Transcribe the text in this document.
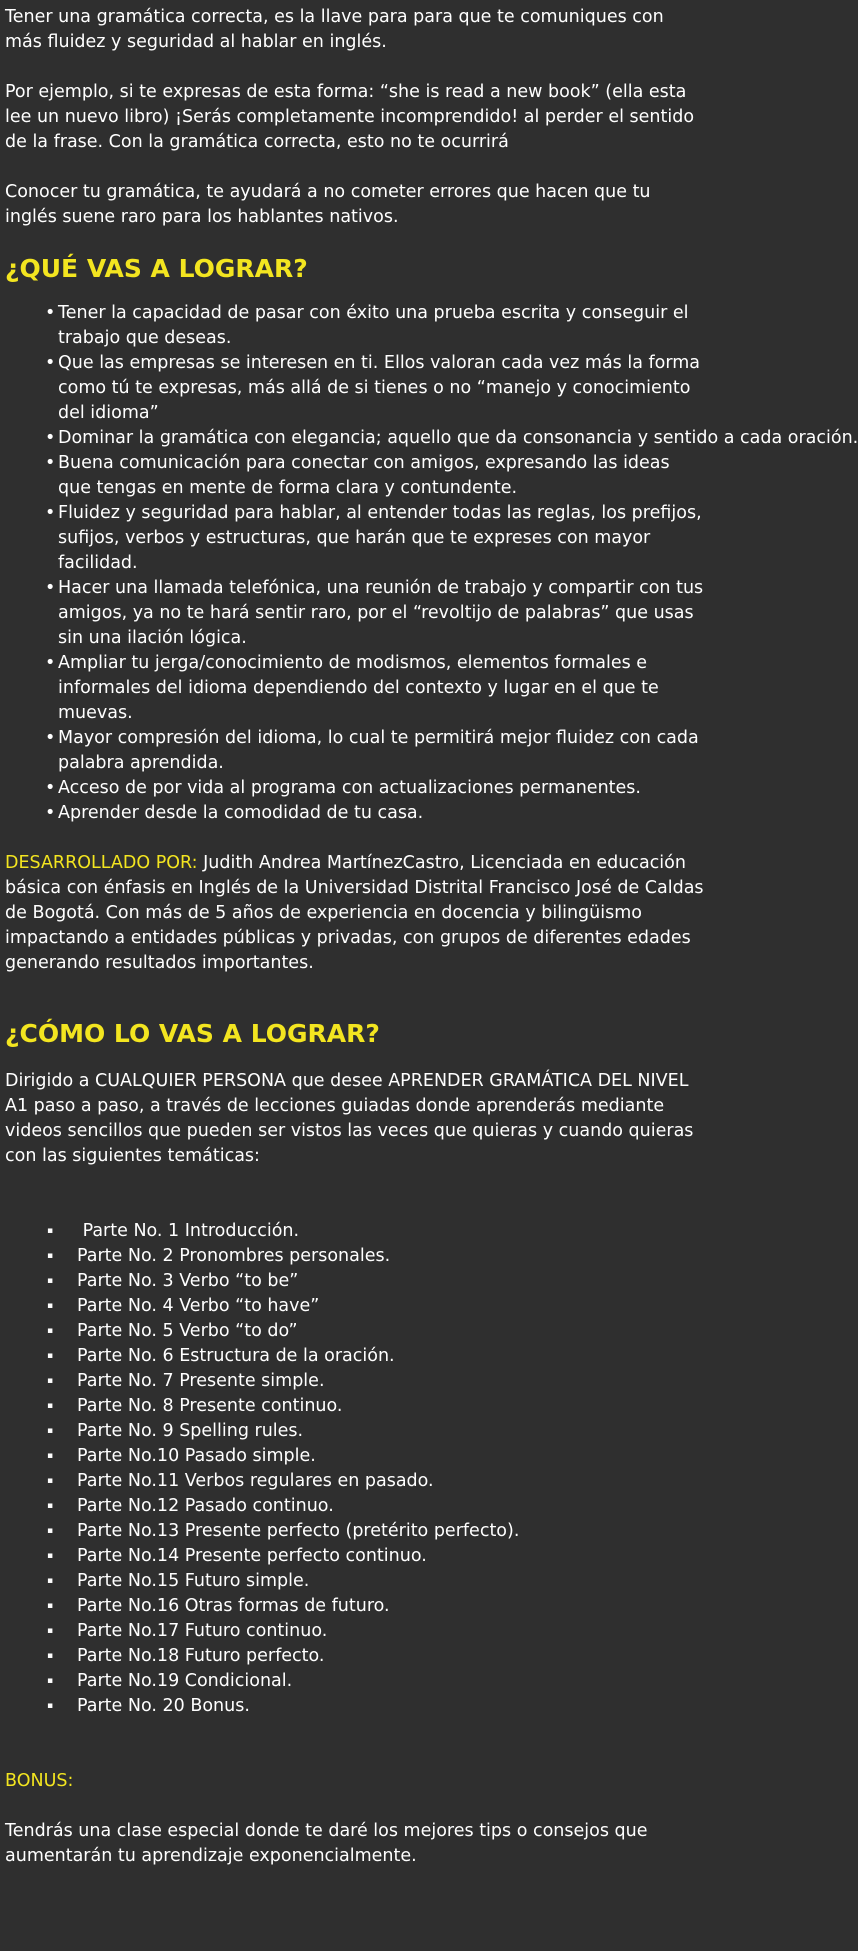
Tener una gramática correcta, es la llave para para que te comuniques con más fluidez y seguridad al hablar en inglés.

Por ejemplo, si te expresas de esta forma: “she is read a new book” (ella esta lee un nuevo libro) ¡Serás completamente incomprendido! al perder el sentido de la frase. Con la gramática correcta, esto no te ocurrirá

Conocer tu gramática, te ayudará a no cometer errores que hacen que tu inglés suene raro para los hablantes nativos.

¿QUÉ VAS A LOGRAR?
• Tener la capacidad de pasar con éxito una prueba escrita y conseguir el trabajo que deseas.
• Que las empresas se interesen en ti. Ellos valoran cada vez más la forma como tú te expresas, más allá de si tienes o no “manejo y conocimiento del idioma”
• Dominar la gramática con elegancia; aquello que da consonancia y sentido a cada oración.
• Buena comunicación para conectar con amigos, expresando las ideas que tengas en mente de forma clara y contundente.
• Fluidez y seguridad para hablar, al entender todas las reglas, los prefijos, sufijos, verbos y estructuras, que harán que te expreses con mayor facilidad.
• Hacer una llamada telefónica, una reunión de trabajo y compartir con tus amigos, ya no te hará sentir raro, por el “revoltijo de palabras” que usas sin una ilación lógica.
• Ampliar tu jerga/conocimiento de modismos, elementos formales e informales del idioma dependiendo del contexto y lugar en el que te muevas.
• Mayor compresión del idioma, lo cual te permitirá mejor fluidez con cada palabra aprendida.
• Acceso de por vida al programa con actualizaciones permanentes.
• Aprender desde la comodidad de tu casa.

DESARROLLADO POR: Judith Andrea MartínezCastro, Licenciada en educación básica con énfasis en Inglés de la Universidad Distrital Francisco José de Caldas de Bogotá. Con más de 5 años de experiencia en docencia y bilingüismo impactando a entidades públicas y privadas, con grupos de diferentes edades generando resultados importantes.

¿CÓMO LO VAS A LOGRAR?

Dirigido a CUALQUIER PERSONA que desee APRENDER GRAMÁTICA DEL NIVEL A1 paso a paso, a través de lecciones guiadas donde aprenderás mediante videos sencillos que pueden ser vistos las veces que quieras y cuando quieras con las siguientes temáticas:

▪  Parte No. 1 Introducción.
▪ Parte No. 2 Pronombres personales.
▪ Parte No. 3 Verbo “to be”
▪ Parte No. 4 Verbo “to have”
▪ Parte No. 5 Verbo “to do”
▪ Parte No. 6 Estructura de la oración.
▪ Parte No. 7 Presente simple.
▪ Parte No. 8 Presente continuo.
▪ Parte No. 9 Spelling rules.
▪ Parte No.10 Pasado simple.
▪ Parte No.11 Verbos regulares en pasado.
▪ Parte No.12 Pasado continuo.
▪ Parte No.13 Presente perfecto (pretérito perfecto).
▪ Parte No.14 Presente perfecto continuo.
▪ Parte No.15 Futuro simple.
▪ Parte No.16 Otras formas de futuro.
▪ Parte No.17 Futuro continuo.
▪ Parte No.18 Futuro perfecto.
▪ Parte No.19 Condicional.
▪ Parte No. 20 Bonus.

BONUS:

Tendrás una clase especial donde te daré los mejores tips o consejos que aumentarán tu aprendizaje exponencialmente.
